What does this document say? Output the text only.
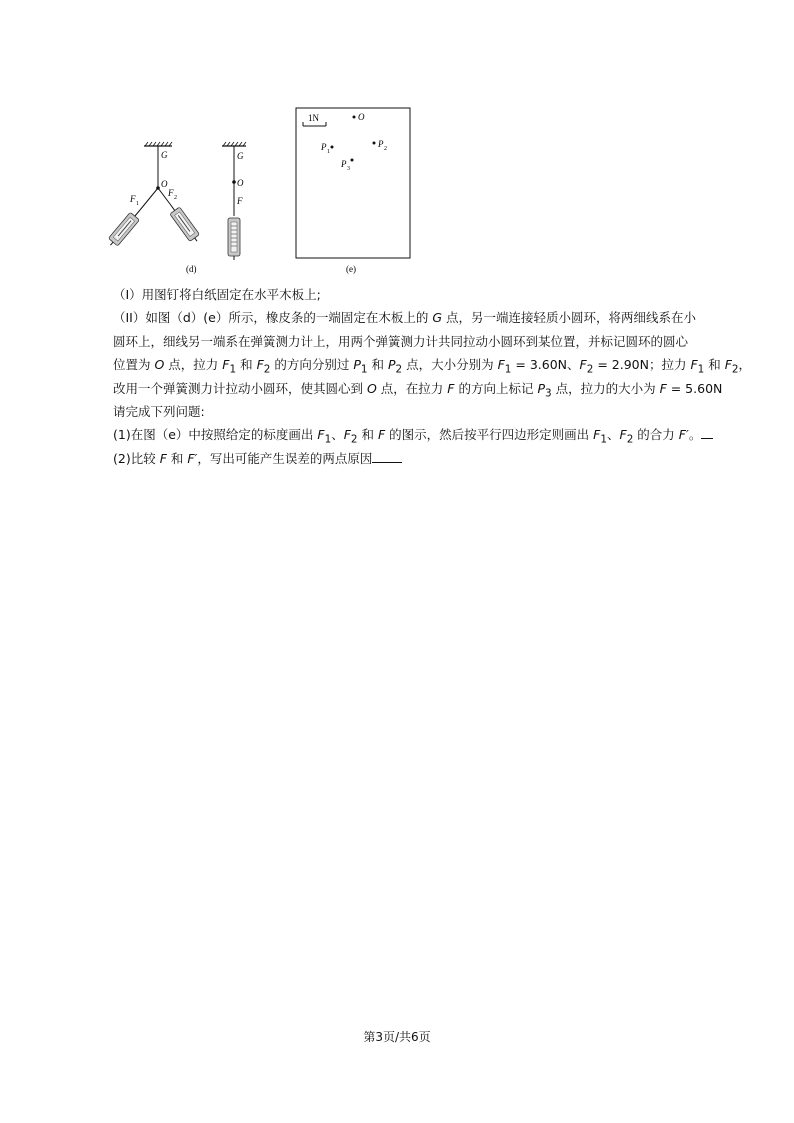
G
O
F 1
F 2
G
O
F
(d)
1N	O
P 1
P 2
P 3
(e)
（I）用图钉将白纸固定在水平木板上;
（II）如图（d）(e）所示，橡皮条的一端固定在木板上的 G 点，另一端连接轻质小圆环，将两细线系在小
圆环上，细线另一端系在弹簧测力计上，用两个弹簧测力计共同拉动小圆环到某位置，并标记圆环的圆心
位置为 O 点，拉力 $F_1$ 和 $F_2$ 的方向分别过 $P_1$ 和 $P_2$ 点，大小分别为 $F_1 = 3.60N$、$F_2 = 2.90N$；拉力 $F_1$ 和 $F_2$，
改用一个弹簧测力计拉动小圆环，使其圆心到 O 点，在拉力 F 的方向上标记 $P_3$ 点，拉力的大小为 F = 5.60N
请完成下列问题:
(1)在图（e）中按照给定的标度画出 $F_1$、$F_2$ 和 F 的图示，然后按平行四边形定则画出 $F_1$、$F_2$ 的合力 F′。
(2)比较 F 和 F′，写出可能产生误差的两点原因
第3页/共6页
